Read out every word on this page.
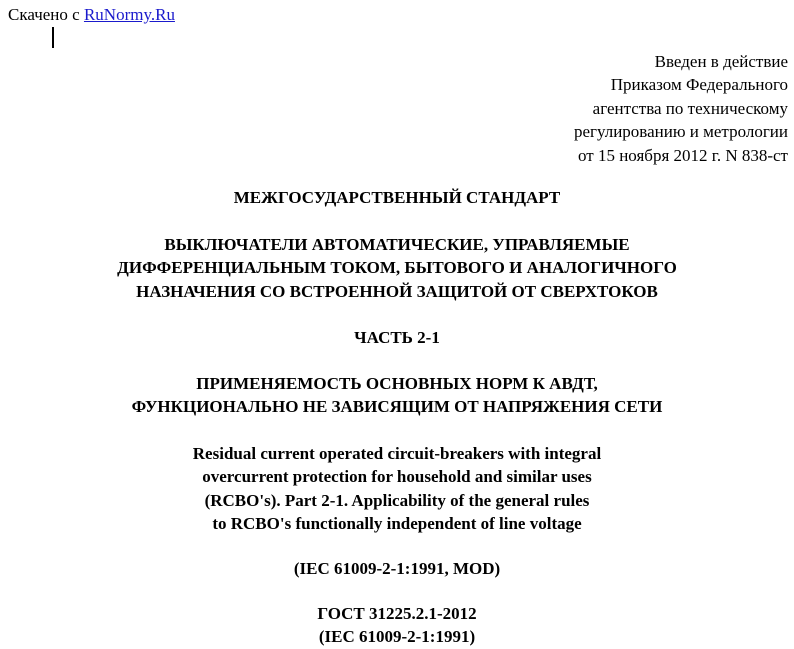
Скачено с RuNormy.Ru
Введен в действие
Приказом Федерального
агентства по техническому
регулированию и метрологии
от 15 ноября 2012 г. N 838-ст
МЕЖГОСУДАРСТВЕННЫЙ СТАНДАРТ
ВЫКЛЮЧАТЕЛИ АВТОМАТИЧЕСКИЕ, УПРАВЛЯЕМЫЕ
ДИФФЕРЕНЦИАЛЬНЫМ ТОКОМ, БЫТОВОГО И АНАЛОГИЧНОГО
НАЗНАЧЕНИЯ СО ВСТРОЕННОЙ ЗАЩИТОЙ ОТ СВЕРХТОКОВ
ЧАСТЬ 2-1
ПРИМЕНЯЕМОСТЬ ОСНОВНЫХ НОРМ К АВДТ,
ФУНКЦИОНАЛЬНО НЕ ЗАВИСЯЩИМ ОТ НАПРЯЖЕНИЯ СЕТИ
Residual current operated circuit-breakers with integral
overcurrent protection for household and similar uses
(RCBO's). Part 2-1. Applicability of the general rules
to RCBO's functionally independent of line voltage
(IEC 61009-2-1:1991, MOD)
ГОСТ 31225.2.1-2012
(IEC 61009-2-1:1991)
